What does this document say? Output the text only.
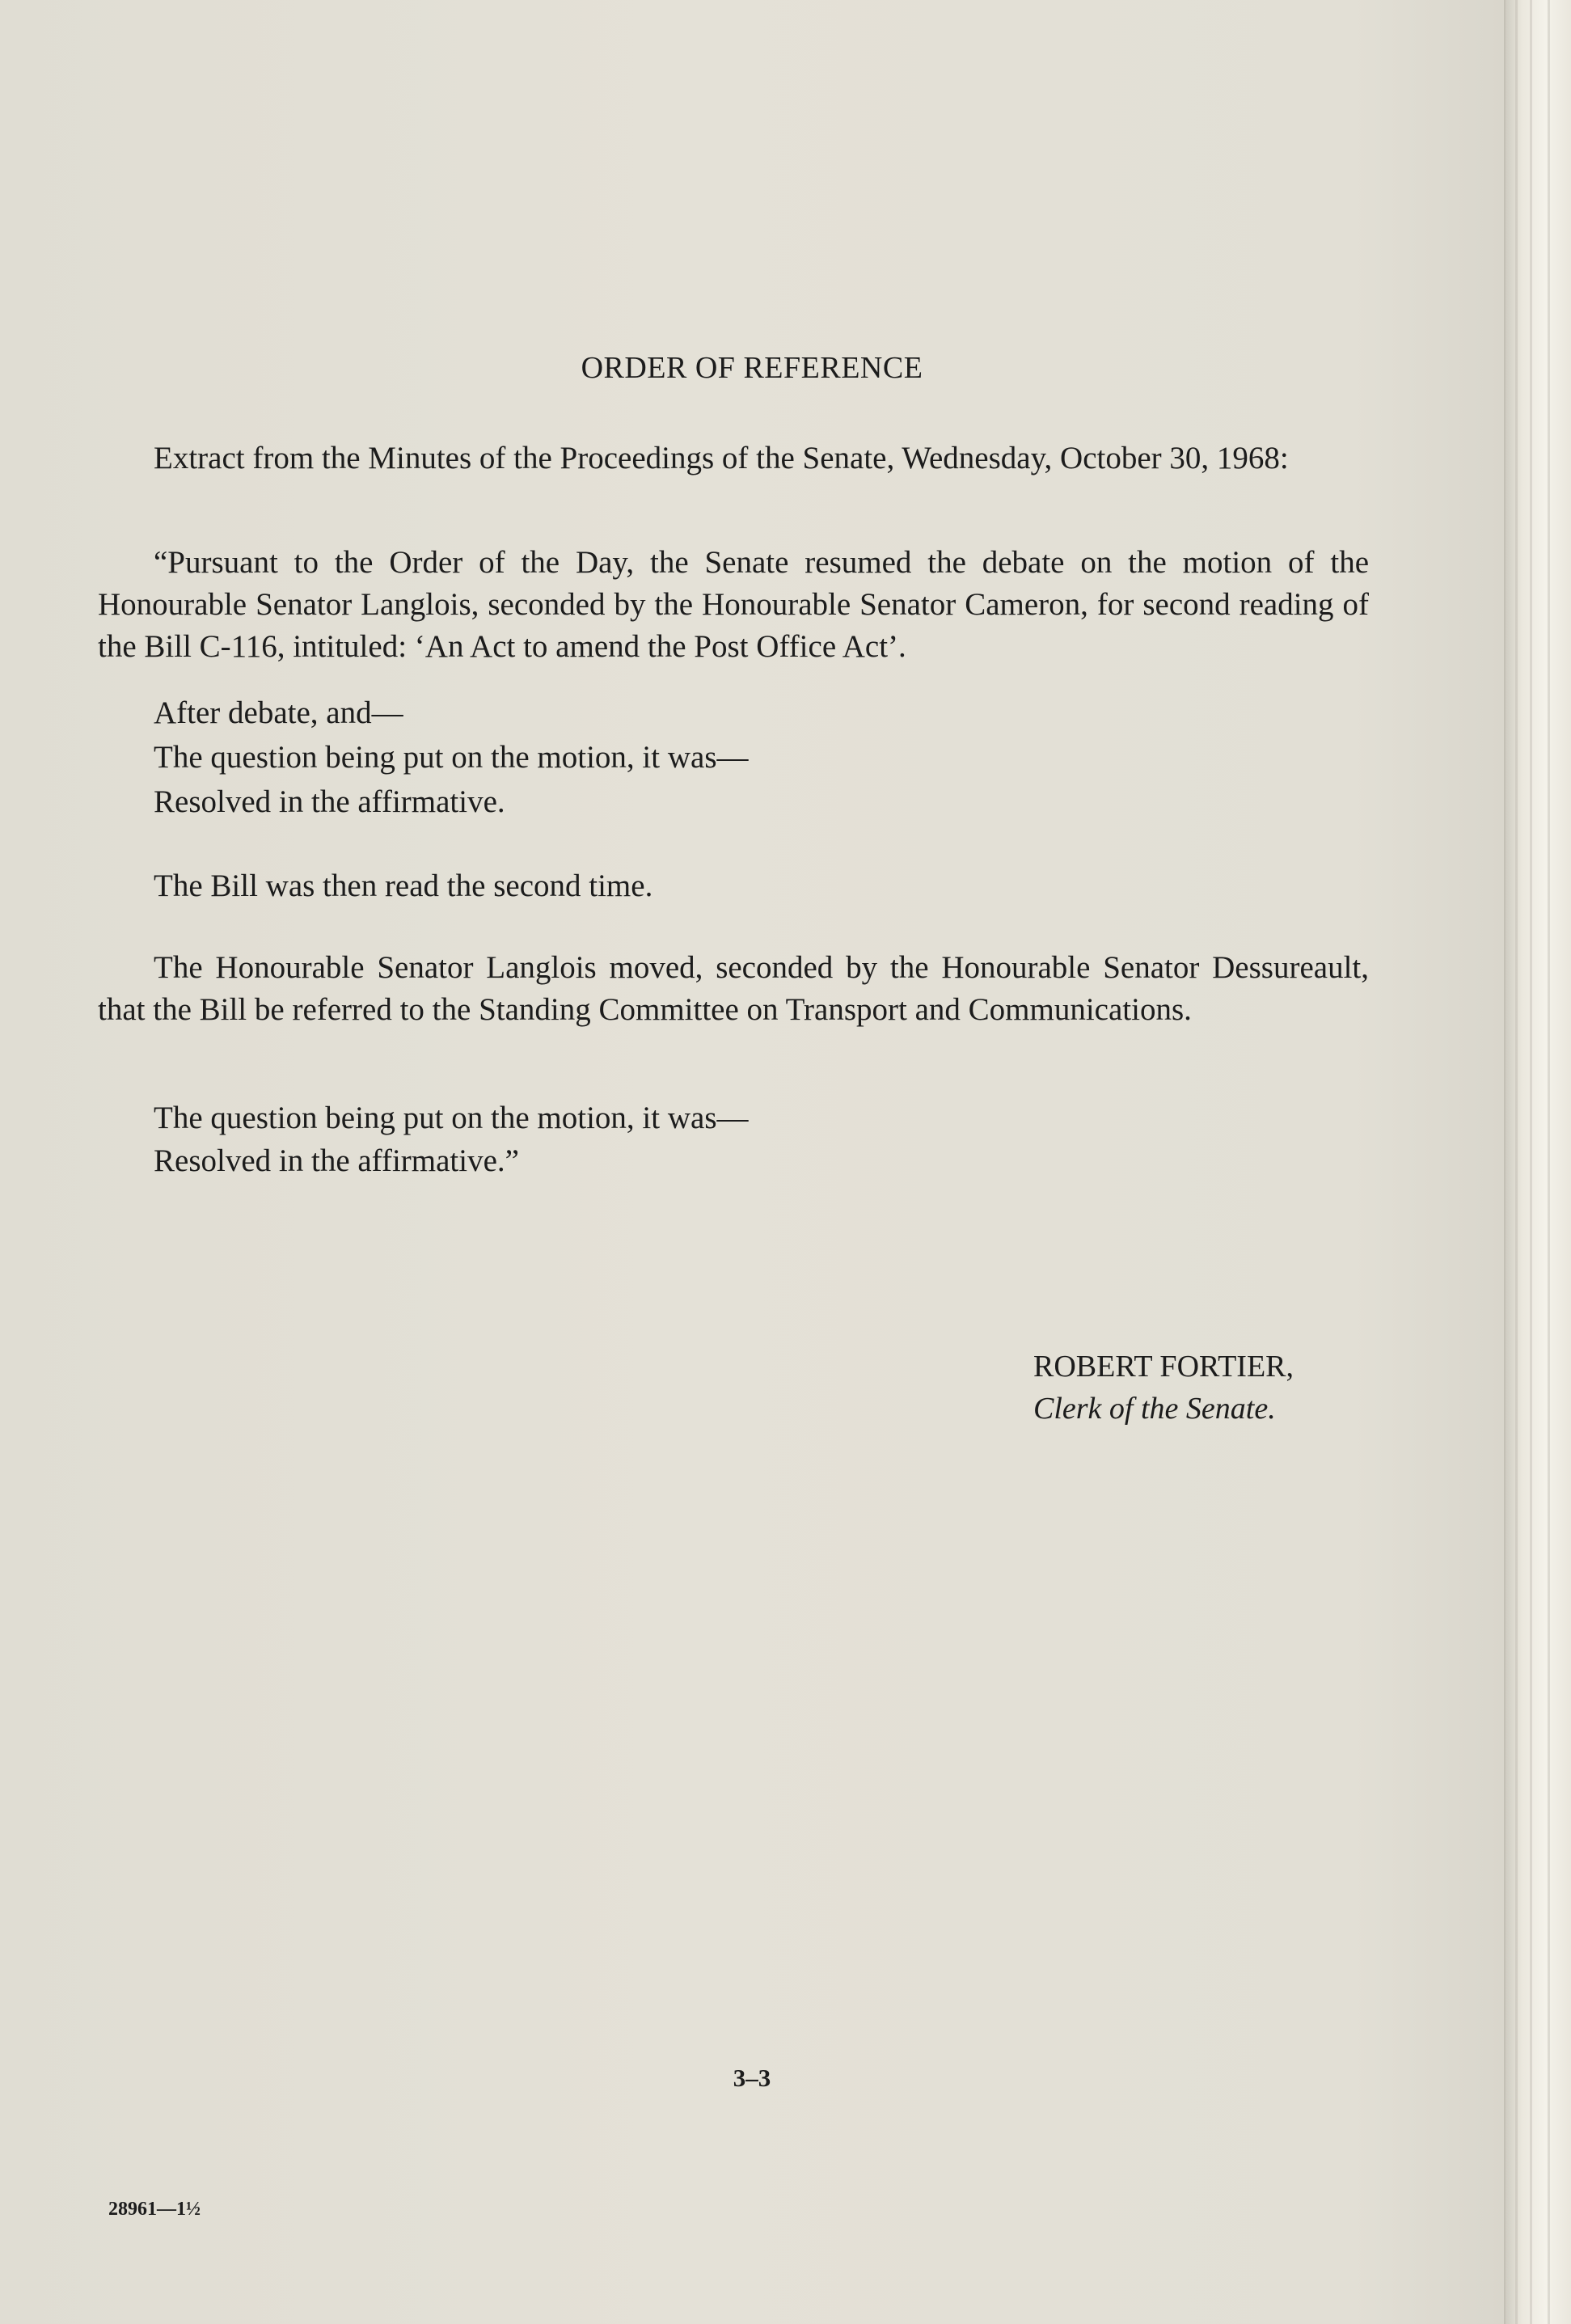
ORDER OF REFERENCE
Extract from the Minutes of the Proceedings of the Senate, Wednesday, October 30, 1968:
“Pursuant to the Order of the Day, the Senate resumed the debate on the motion of the Honourable Senator Langlois, seconded by the Honourable Senator Cameron, for second reading of the Bill C-116, intituled: ‘An Act to amend the Post Office Act’.
After debate, and—
The question being put on the motion, it was—
Resolved in the affirmative.
The Bill was then read the second time.
The Honourable Senator Langlois moved, seconded by the Honourable Senator Dessureault, that the Bill be referred to the Standing Committee on Transport and Communications.
The question being put on the motion, it was—
Resolved in the affirmative.”
ROBERT FORTIER,
Clerk of the Senate.
3–3
28961—1½
